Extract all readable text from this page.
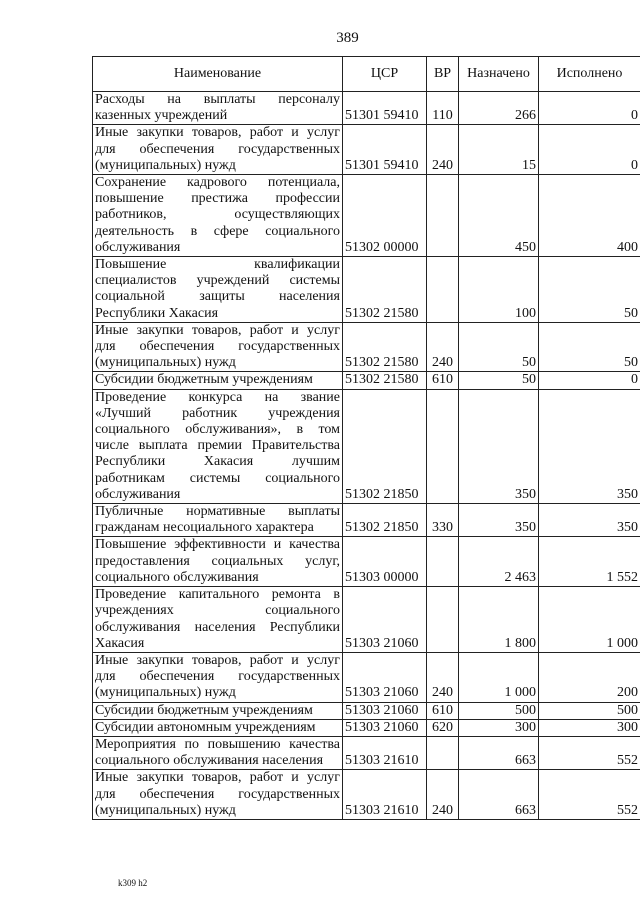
389
Наименование	ЦСР	ВР	Назначено	Исполнено
Расходы на выплаты персоналу казенных учреждений	51301 59410	110	266	0
Иные закупки товаров, работ и услуг для обеспечения государственных (муниципальных) нужд	51301 59410	240	15	0
Сохранение кадрового потенциала, повышение престижа профессии работников, осуществляющих деятельность в сфере социального обслуживания	51302 00000		450	400
Повышение квалификации специалистов учреждений системы социальной защиты населения Республики Хакасия	51302 21580		100	50
Иные закупки товаров, работ и услуг для обеспечения государственных (муниципальных) нужд	51302 21580	240	50	50
Субсидии бюджетным учреждениям	51302 21580	610	50	0
Проведение конкурса на звание «Лучший работник учреждения социального обслуживания», в том числе выплата премии Правительства Республики Хакасия лучшим работникам системы социального обслуживания	51302 21850		350	350
Публичные нормативные выплаты гражданам несоциального характера	51302 21850	330	350	350
Повышение эффективности и качества предоставления социальных услуг, социального обслуживания	51303 00000		2 463	1 552
Проведение капитального ремонта в учреждениях социального обслуживания населения Республики Хакасия	51303 21060		1 800	1 000
Иные закупки товаров, работ и услуг для обеспечения государственных (муниципальных) нужд	51303 21060	240	1 000	200
Субсидии бюджетным учреждениям	51303 21060	610	500	500
Субсидии автономным учреждениям	51303 21060	620	300	300
Мероприятия по повышению качества социального обслуживания населения	51303 21610		663	552
Иные закупки товаров, работ и услуг для обеспечения государственных (муниципальных) нужд	51303 21610	240	663	552
k309 h2
